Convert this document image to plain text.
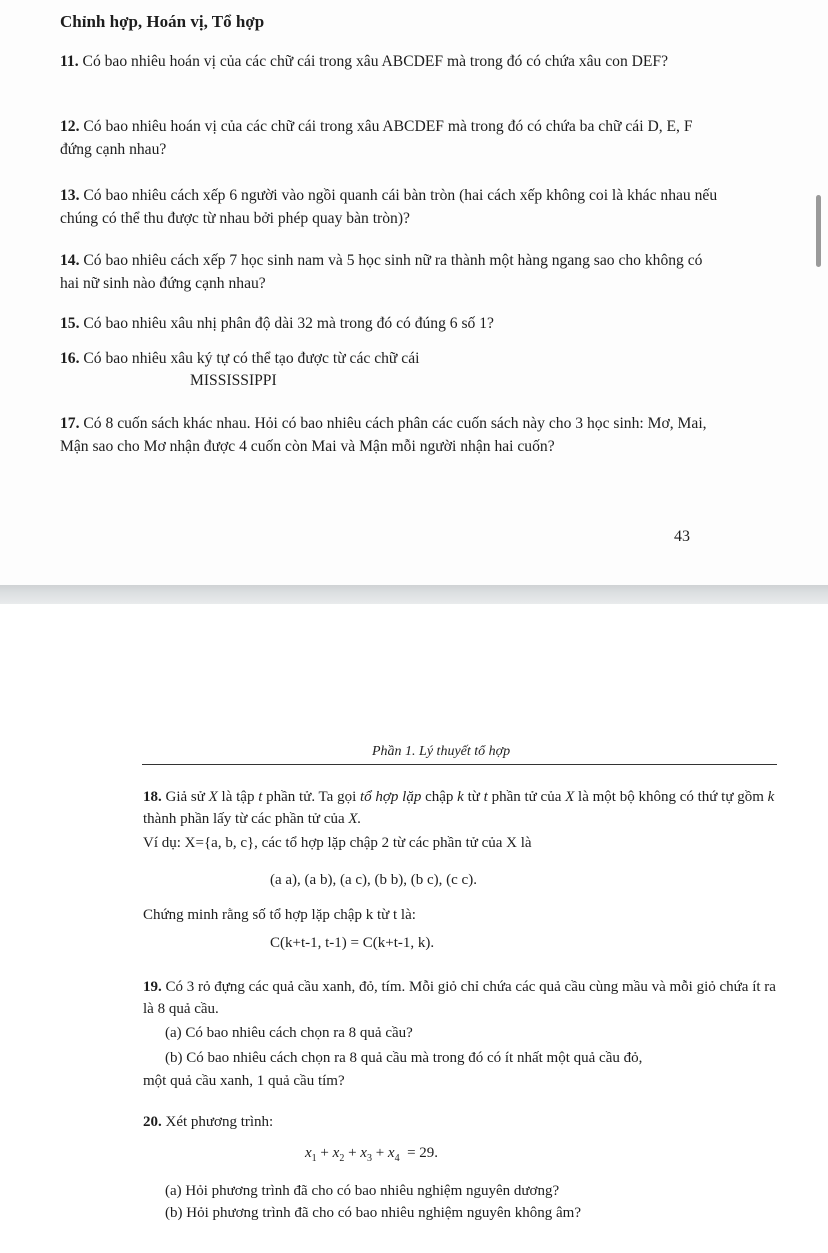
Chỉnh hợp, Hoán vị, Tổ hợp
11. Có bao nhiêu hoán vị của các chữ cái trong xâu ABCDEF mà trong đó có chứa xâu con DEF?
12. Có bao nhiêu hoán vị của các chữ cái trong xâu ABCDEF mà trong đó có chứa ba chữ cái D, E, F đứng cạnh nhau?
13. Có bao nhiêu cách xếp 6 người vào ngồi quanh cái bàn tròn (hai cách xếp không coi là khác nhau nếu chúng có thể thu được từ nhau bởi phép quay bàn tròn)?
14. Có bao nhiêu cách xếp 7 học sinh nam và 5 học sinh nữ ra thành một hàng ngang sao cho không có hai nữ sinh nào đứng cạnh nhau?
15. Có bao nhiêu xâu nhị phân độ dài 32 mà trong đó có đúng 6 số 1?
16. Có bao nhiêu xâu ký tự có thể tạo được từ các chữ cái
MISSISSIPPI
17. Có 8 cuốn sách khác nhau. Hỏi có bao nhiêu cách phân các cuốn sách này cho 3 học sinh: Mơ, Mai, Mận sao cho Mơ nhận được 4 cuốn còn Mai và Mận mỗi người nhận hai cuốn?
43
Phần 1. Lý thuyết tổ hợp
18. Giả sử X là tập t phần tử. Ta gọi tổ hợp lặp chập k từ t phần tử của X là một bộ không có thứ tự gồm k thành phần lấy từ các phần tử của X.
Ví dụ: X={a, b, c}, các tổ hợp lặp chập 2 từ các phần tử của X là
(a a), (a b), (a c), (b b), (b c), (c c).
Chứng minh rằng số tổ hợp lặp chập k từ t là:
C(k+t-1, t-1) = C(k+t-1, k).
19. Có 3 rỏ đựng các quả cầu xanh, đỏ, tím. Mỗi giỏ chỉ chứa các quả cầu cùng mầu và mỗi giỏ chứa ít ra là 8 quả cầu.
(a) Có bao nhiêu cách chọn ra 8 quả cầu?
(b) Có bao nhiêu cách chọn ra 8 quả cầu mà trong đó có ít nhất một quả cầu đỏ,
một quả cầu xanh, 1 quả cầu tím?
20. Xét phương trình:
$x_1 + x_2 + x_3 + x_4 = 29$.
(a) Hỏi phương trình đã cho có bao nhiêu nghiệm nguyên dương?
(b) Hỏi phương trình đã cho có bao nhiêu nghiệm nguyên không âm?
